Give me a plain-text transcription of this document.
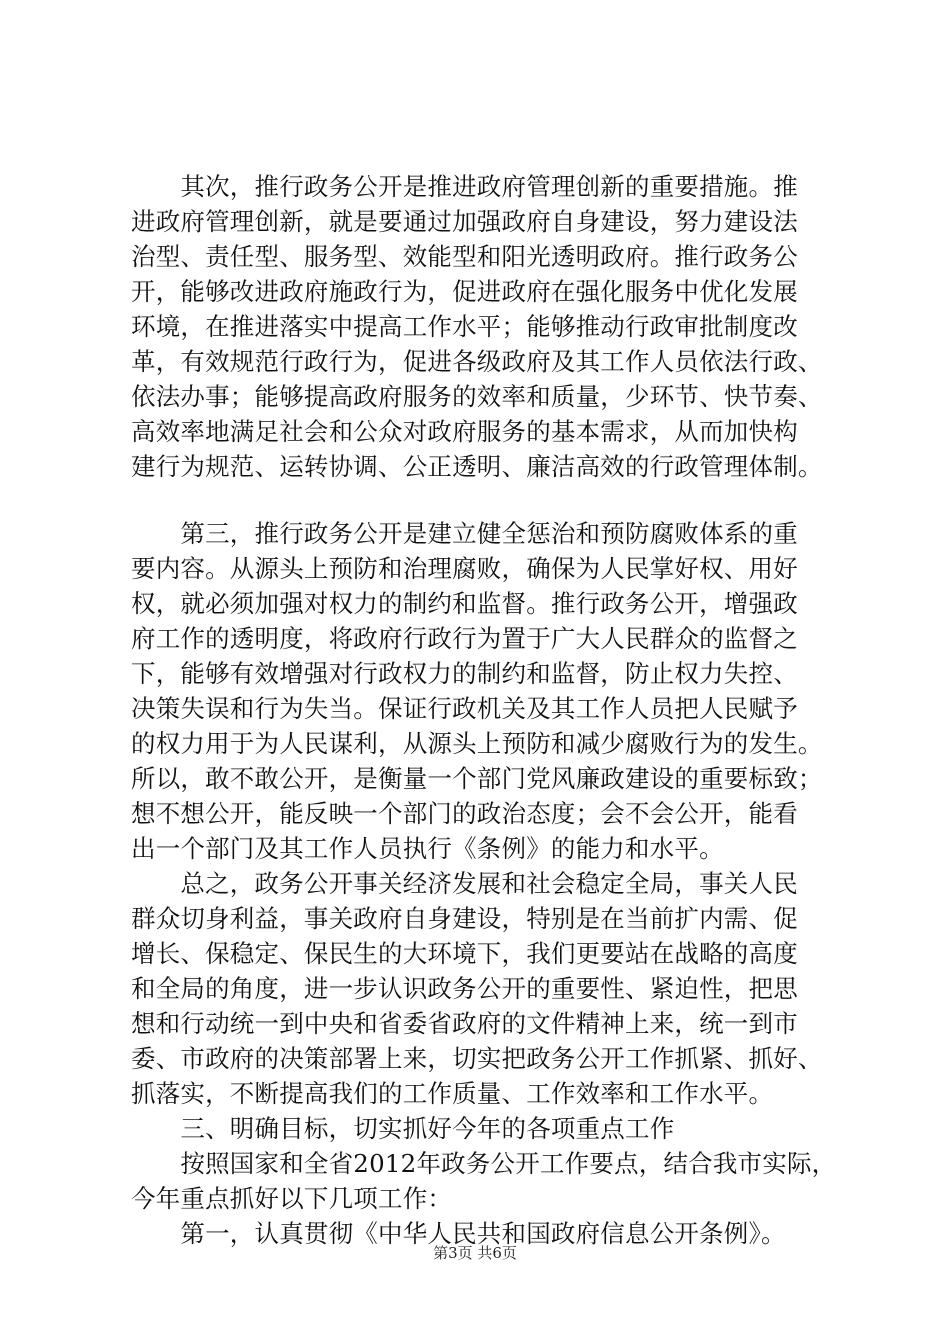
　　其次，推行政务公开是推进政府管理创新的重要措施。推
进政府管理创新，就是要通过加强政府自身建设，努力建设法
治型、责任型、服务型、效能型和阳光透明政府。推行政务公
开，能够改进政府施政行为，促进政府在强化服务中优化发展
环境，在推进落实中提高工作水平；能够推动行政审批制度改
革，有效规范行政行为，促进各级政府及其工作人员依法行政、
依法办事；能够提高政府服务的效率和质量，少环节、快节奏、
高效率地满足社会和公众对政府服务的基本需求，从而加快构
建行为规范、运转协调、公正透明、廉洁高效的行政管理体制。
　　第三，推行政务公开是建立健全惩治和预防腐败体系的重
要内容。从源头上预防和治理腐败，确保为人民掌好权、用好
权，就必须加强对权力的制约和监督。推行政务公开，增强政
府工作的透明度，将政府行政行为置于广大人民群众的监督之
下，能够有效增强对行政权力的制约和监督，防止权力失控、
决策失误和行为失当。保证行政机关及其工作人员把人民赋予
的权力用于为人民谋利，从源头上预防和减少腐败行为的发生。
所以，敢不敢公开，是衡量一个部门党风廉政建设的重要标致；
想不想公开，能反映一个部门的政治态度；会不会公开，能看
出一个部门及其工作人员执行《条例》的能力和水平。
　　总之，政务公开事关经济发展和社会稳定全局，事关人民
群众切身利益，事关政府自身建设，特别是在当前扩内需、促
增长、保稳定、保民生的大环境下，我们更要站在战略的高度
和全局的角度，进一步认识政务公开的重要性、紧迫性，把思
想和行动统一到中央和省委省政府的文件精神上来，统一到市
委、市政府的决策部署上来，切实把政务公开工作抓紧、抓好、
抓落实，不断提高我们的工作质量、工作效率和工作水平。
　　三、明确目标，切实抓好今年的各项重点工作
　　按照国家和全省2012年政务公开工作要点，结合我市实际，
今年重点抓好以下几项工作：
　　第一，认真贯彻《中华人民共和国政府信息公开条例》。
第3页 共6页
